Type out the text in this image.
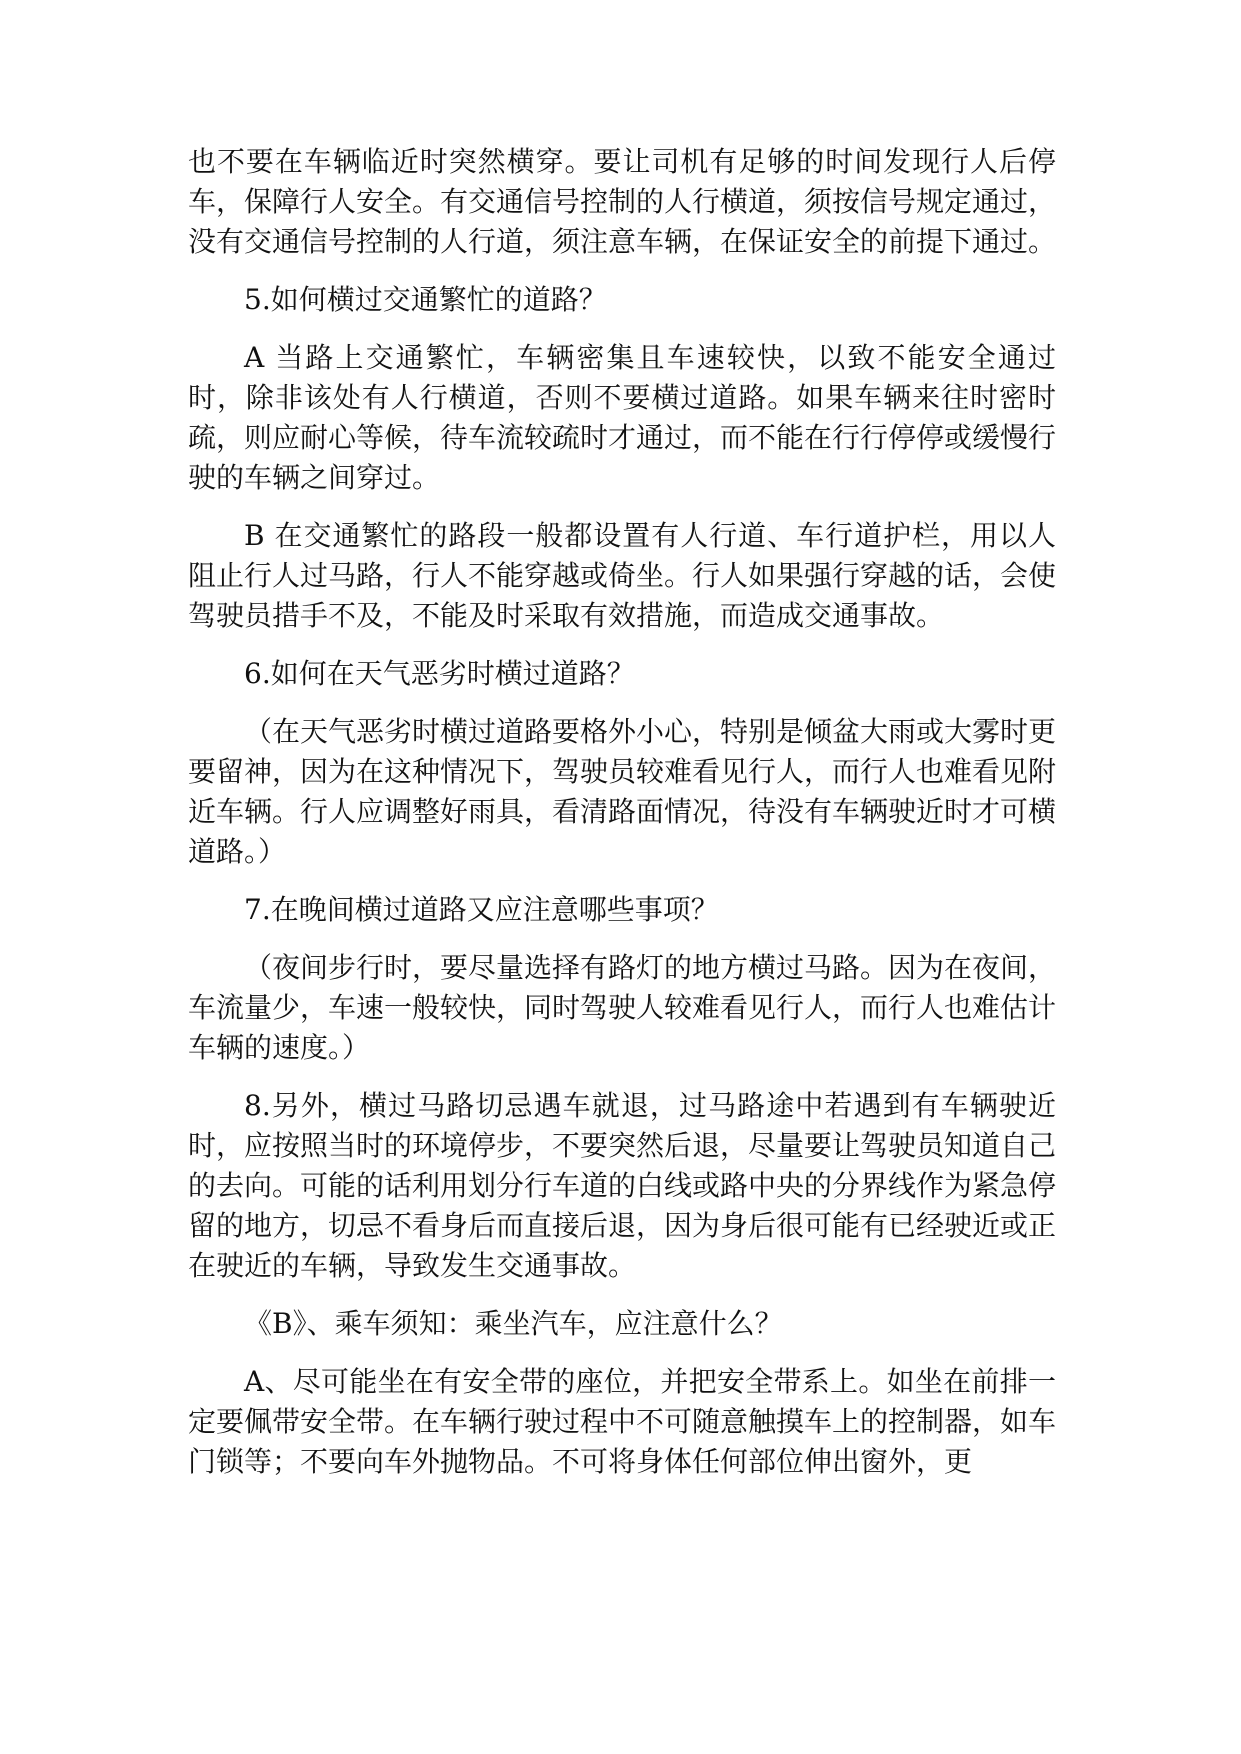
也不要在车辆临近时突然横穿。要让司机有足够的时间发现行人后停车，保障行人安全。有交通信号控制的人行横道，须按信号规定通过，没有交通信号控制的人行道，须注意车辆，在保证安全的前提下通过。

5.如何横过交通繁忙的道路？

A 当路上交通繁忙，车辆密集且车速较快，以致不能安全通过时，除非该处有人行横道，否则不要横过道路。如果车辆来往时密时疏，则应耐心等候，待车流较疏时才通过，而不能在行行停停或缓慢行驶的车辆之间穿过。

B 在交通繁忙的路段一般都设置有人行道、车行道护栏，用以人阻止行人过马路，行人不能穿越或倚坐。行人如果强行穿越的话，会使驾驶员措手不及，不能及时采取有效措施，而造成交通事故。

6.如何在天气恶劣时横过道路？

（在天气恶劣时横过道路要格外小心，特别是倾盆大雨或大雾时更要留神，因为在这种情况下，驾驶员较难看见行人，而行人也难看见附近车辆。行人应调整好雨具，看清路面情况，待没有车辆驶近时才可横道路。）

7.在晚间横过道路又应注意哪些事项？

（夜间步行时，要尽量选择有路灯的地方横过马路。因为在夜间，车流量少，车速一般较快，同时驾驶人较难看见行人，而行人也难估计车辆的速度。）

8.另外，横过马路切忌遇车就退，过马路途中若遇到有车辆驶近时，应按照当时的环境停步，不要突然后退，尽量要让驾驶员知道自己的去向。可能的话利用划分行车道的白线或路中央的分界线作为紧急停留的地方，切忌不看身后而直接后退，因为身后很可能有已经驶近或正在驶近的车辆，导致发生交通事故。

《B》、乘车须知：乘坐汽车，应注意什么？

A、尽可能坐在有安全带的座位，并把安全带系上。如坐在前排一定要佩带安全带。在车辆行驶过程中不可随意触摸车上的控制器，如车门锁等；不要向车外抛物品。不可将身体任何部位伸出窗外，更
